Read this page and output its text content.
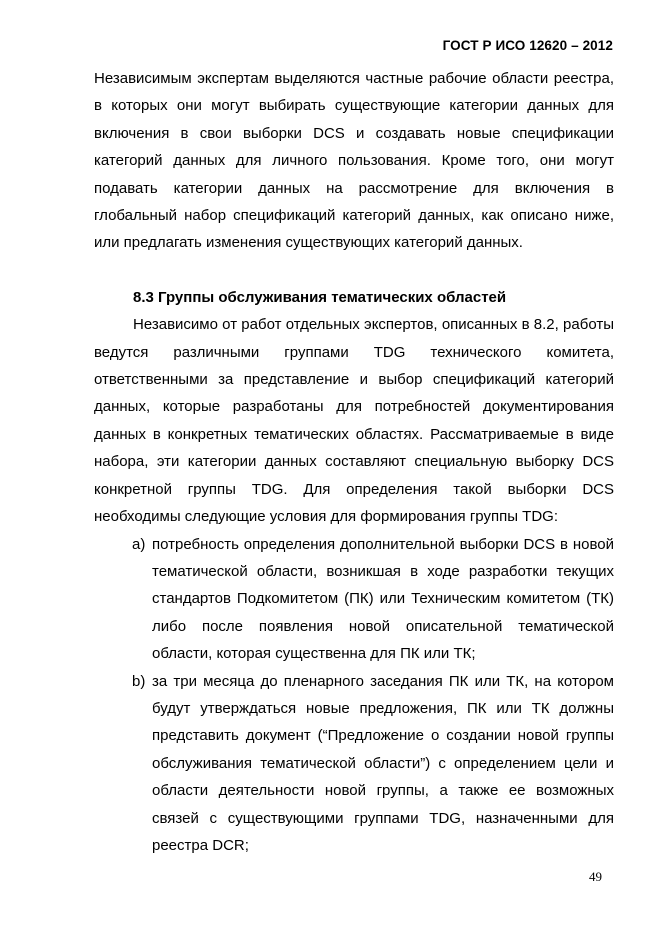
ГОСТ Р ИСО 12620 – 2012

Независимым экспертам выделяются частные рабочие области реестра, в которых они могут выбирать существующие категории данных для включения в свои выборки DCS и создавать новые спецификации категорий данных для личного пользования. Кроме того, они могут подавать категории данных на рассмотрение для включения в глобальный набор спецификаций категорий данных, как описано ниже, или предлагать изменения существующих категорий данных.

8.3 Группы обслуживания тематических областей

Независимо от работ отдельных экспертов, описанных в 8.2, работы ведутся различными группами TDG технического комитета, ответственными за представление и выбор спецификаций категорий данных, которые разработаны для потребностей документирования данных в конкретных тематических областях. Рассматриваемые в виде набора, эти категории данных составляют специальную выборку DCS конкретной группы TDG. Для определения такой выборки DCS необходимы следующие условия для формирования группы TDG:

a) потребность определения дополнительной выборки DCS в новой тематической области, возникшая в ходе разработки текущих стандартов Подкомитетом (ПК) или Техническим комитетом (ТК) либо после появления новой описательной тематической области, которая существенна для ПК или ТК;
b) за три месяца до пленарного заседания ПК или ТК, на котором будут утверждаться новые предложения, ПК или ТК должны представить документ (“Предложение о создании новой группы обслуживания тематической области”) с определением цели и области деятельности новой группы, а также ее возможных связей с существующими группами TDG, назначенными для реестра DCR;
49
